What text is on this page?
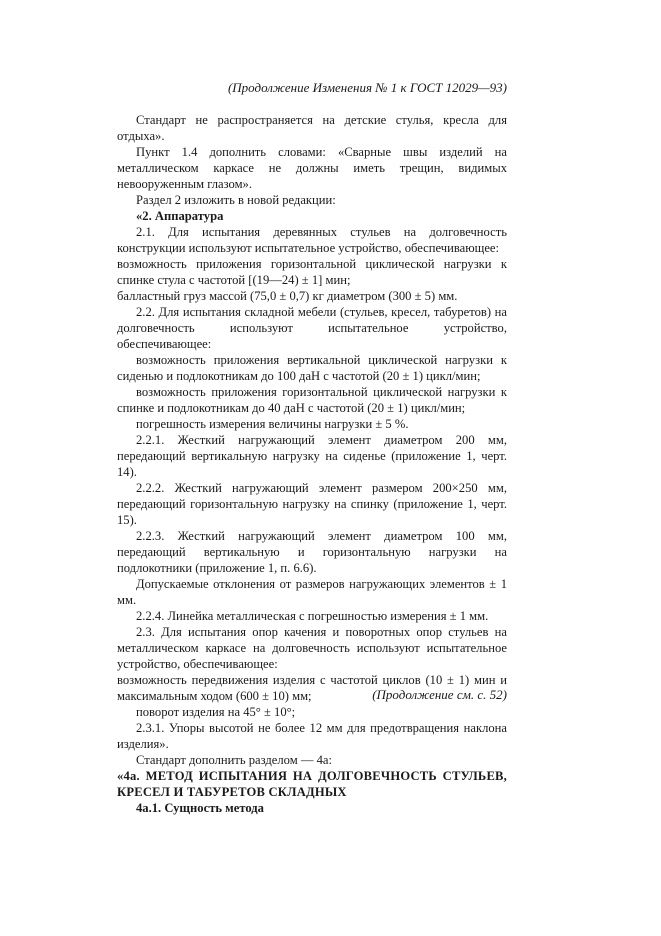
(Продолжение Изменения № 1 к ГОСТ 12029—93)

Стандарт не распространяется на детские стулья, кресла для отдыха».

Пункт 1.4 дополнить словами: «Сварные швы изделий на металлическом каркасе не должны иметь трещин, видимых невооруженным глазом».

Раздел 2 изложить в новой редакции:

«2. Аппаратура

2.1. Для испытания деревянных стульев на долговечность конструкции используют испытательное устройство, обеспечивающее:

возможность приложения горизонтальной циклической нагрузки к спинке стула с частотой [(19—24) ± 1] мин;

балластный груз массой (75,0 ± 0,7) кг диаметром (300 ± 5) мм.

2.2. Для испытания складной мебели (стульев, кресел, табуретов) на долговечность используют испытательное устройство, обеспечивающее:

возможность приложения вертикальной циклической нагрузки к сиденью и подлокотникам до 100 даН с частотой (20 ± 1) цикл/мин;

возможность приложения горизонтальной циклической нагрузки к спинке и подлокотникам до 40 даН с частотой (20 ± 1) цикл/мин;

погрешность измерения величины нагрузки ± 5 %.

2.2.1. Жесткий нагружающий элемент диаметром 200 мм, передающий вертикальную нагрузку на сиденье (приложение 1, черт. 14).

2.2.2. Жесткий нагружающий элемент размером 200×250 мм, передающий горизонтальную нагрузку на спинку (приложение 1, черт. 15).

2.2.3. Жесткий нагружающий элемент диаметром 100 мм, передающий вертикальную и горизонтальную нагрузки на подлокотники (приложение 1, п. 6.6).

Допускаемые отклонения от размеров нагружающих элементов ± 1 мм.

2.2.4. Линейка металлическая с погрешностью измерения ± 1 мм.

2.3. Для испытания опор качения и поворотных опор стульев на металлическом каркасе на долговечность используют испытательное устройство, обеспечивающее:

возможность передвижения изделия с частотой циклов (10 ± 1) мин и максимальным ходом (600 ± 10) мм;

поворот изделия на 45° ± 10°;

2.3.1. Упоры высотой не более 12 мм для предотвращения наклона изделия».

Стандарт дополнить разделом — 4а:

«4а. МЕТОД ИСПЫТАНИЯ НА ДОЛГОВЕЧНОСТЬ СТУЛЬЕВ, КРЕСЕЛ И ТАБУРЕТОВ СКЛАДНЫХ

4а.1. Сущность метода

(Продолжение см. с. 52)
